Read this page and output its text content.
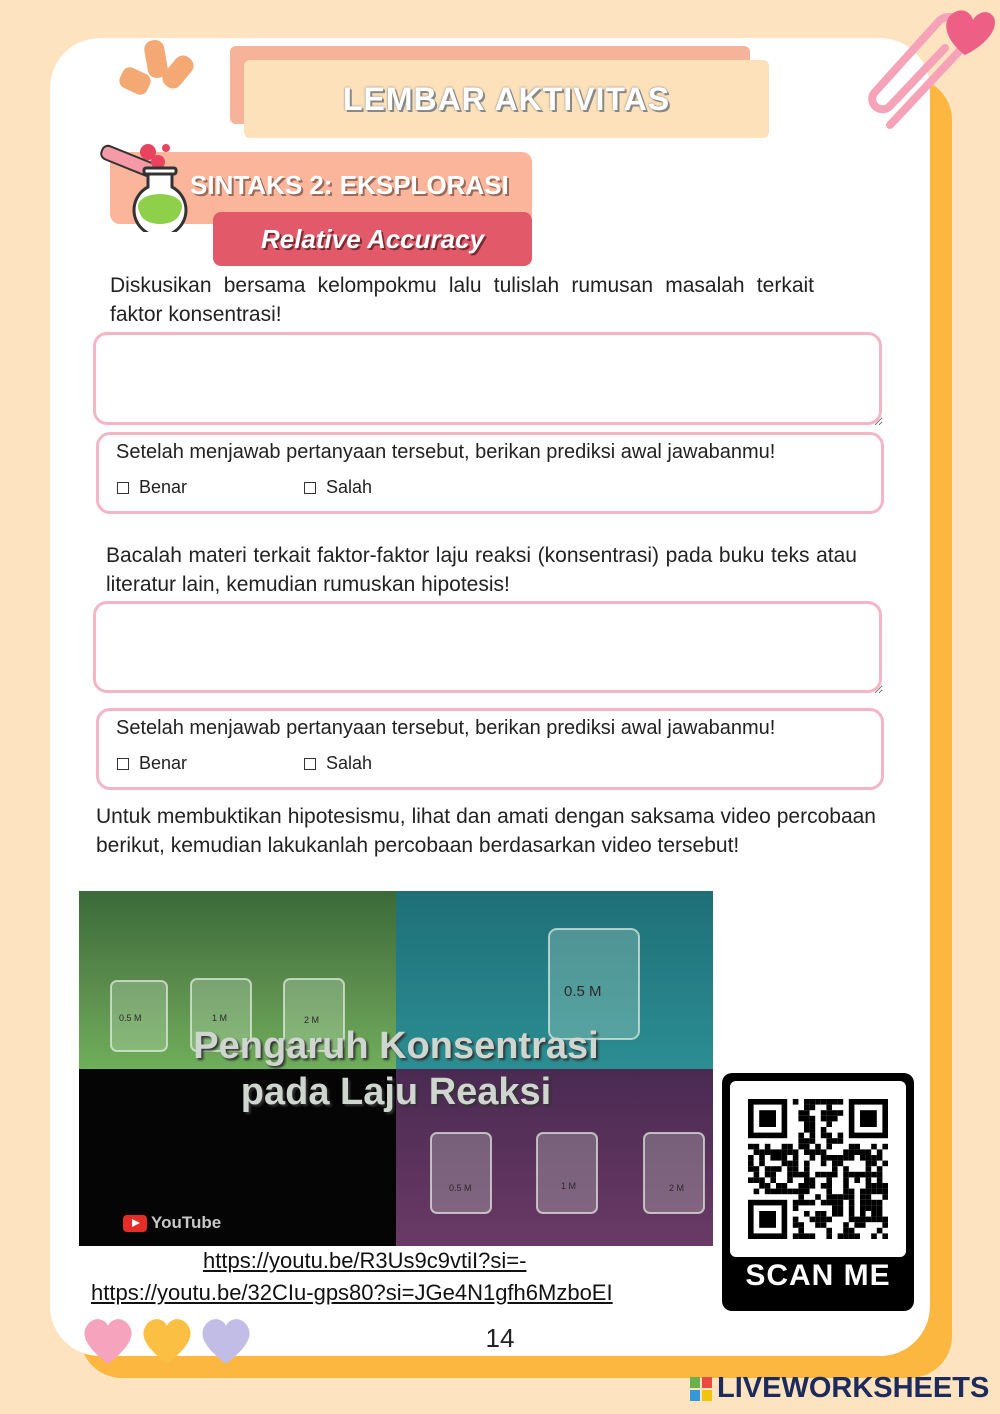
LEMBAR AKTIVITAS
SINTAKS 2: EKSPLORASI
Relative Accuracy
Diskusikan bersama kelompokmu lalu tulislah rumusan masalah terkait faktor konsentrasi!
Setelah menjawab pertanyaan tersebut, berikan prediksi awal jawabanmu!
Benar	Salah
Bacalah materi terkait faktor-faktor laju reaksi (konsentrasi) pada buku teks atau literatur lain, kemudian rumuskan hipotesis!
Setelah menjawab pertanyaan tersebut, berikan prediksi awal jawabanmu!
Benar	Salah
Untuk membuktikan hipotesismu, lihat dan amati dengan saksama video percobaan berikut, kemudian lakukanlah percobaan berdasarkan video tersebut!
0.5 M	1 M	2 M
0.5 M
0.5 M	1 M	2 M
Pengaruh Konsentrasi
pada Laju Reaksi
YouTube
https://youtu.be/R3Us9c9vtiI?si=-
https://youtu.be/32CIu-gps80?si=JGe4N1gfh6MzboEI
SCAN ME
14
LIVEWORKSHEETS
